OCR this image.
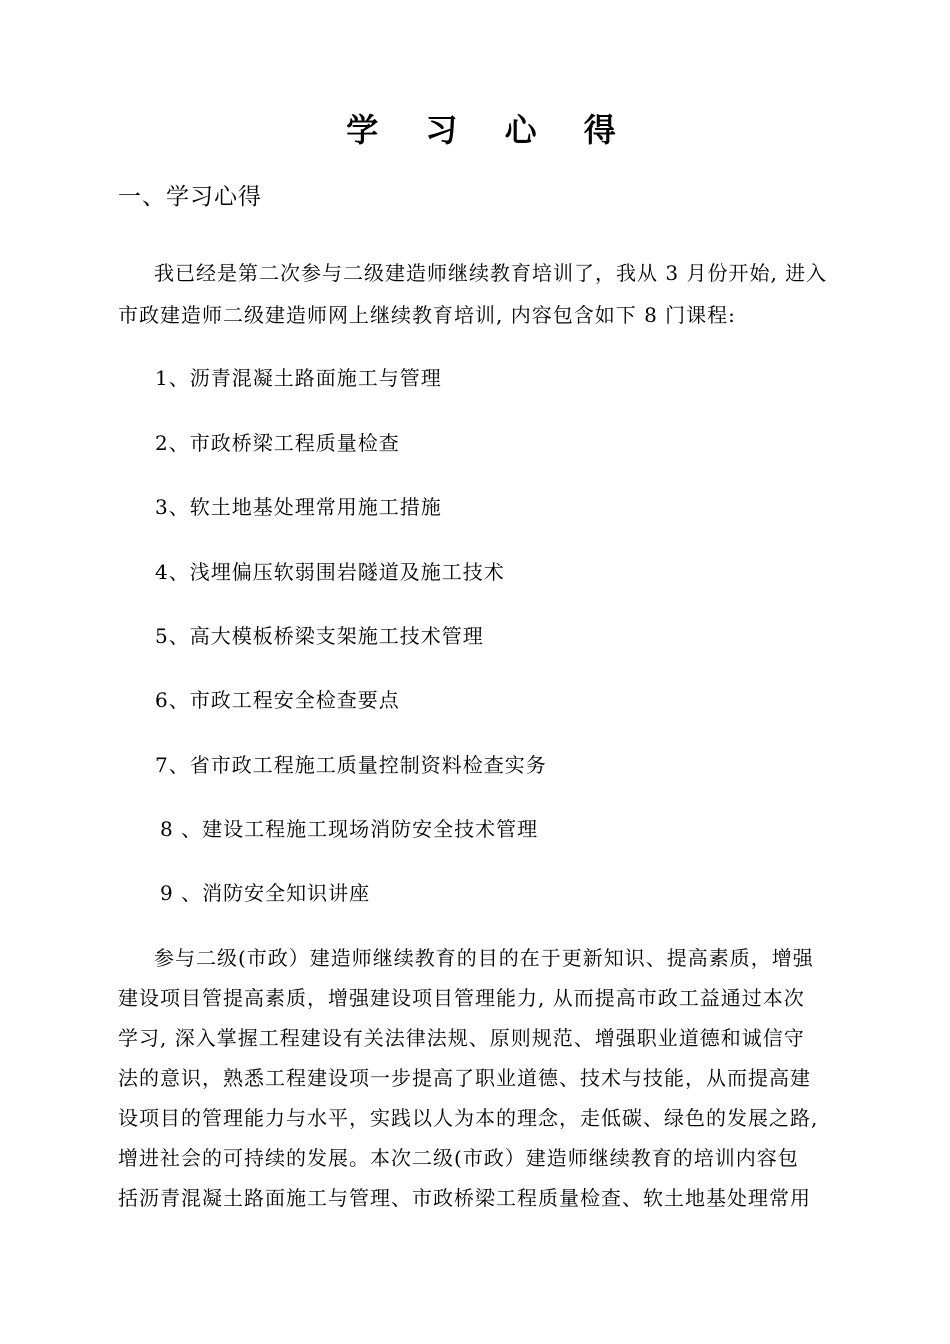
学 习 心 得
一、学习心得
我已经是第二次参与二级建造师继续教育培训了，我从 3 月份开始, 进入
市政建造师二级建造师网上继续教育培训, 内容包含如下 8 门课程:
1、沥青混凝土路面施工与管理
2、市政桥梁工程质量检查
3、软土地基处理常用施工措施
4、浅埋偏压软弱围岩隧道及施工技术
5、高大模板桥梁支架施工技术管理
6、市政工程安全检查要点
7、省市政工程施工质量控制资料检查实务
8 、建设工程施工现场消防安全技术管理
9 、消防安全知识讲座
参与二级(市政）建造师继续教育的目的在于更新知识、提高素质，增强
建设项目管提高素质，增强建设项目管理能力, 从而提高市政工益通过本次
学习, 深入掌握工程建设有关法律法规、原则规范、增强职业道德和诚信守
法的意识，熟悉工程建设项一步提高了职业道德、技术与技能，从而提高建
设项目的管理能力与水平，实践以人为本的理念，走低碳、绿色的发展之路,
增进社会的可持续的发展。本次二级(市政）建造师继续教育的培训内容包
括沥青混凝土路面施工与管理、市政桥梁工程质量检查、软土地基处理常用
